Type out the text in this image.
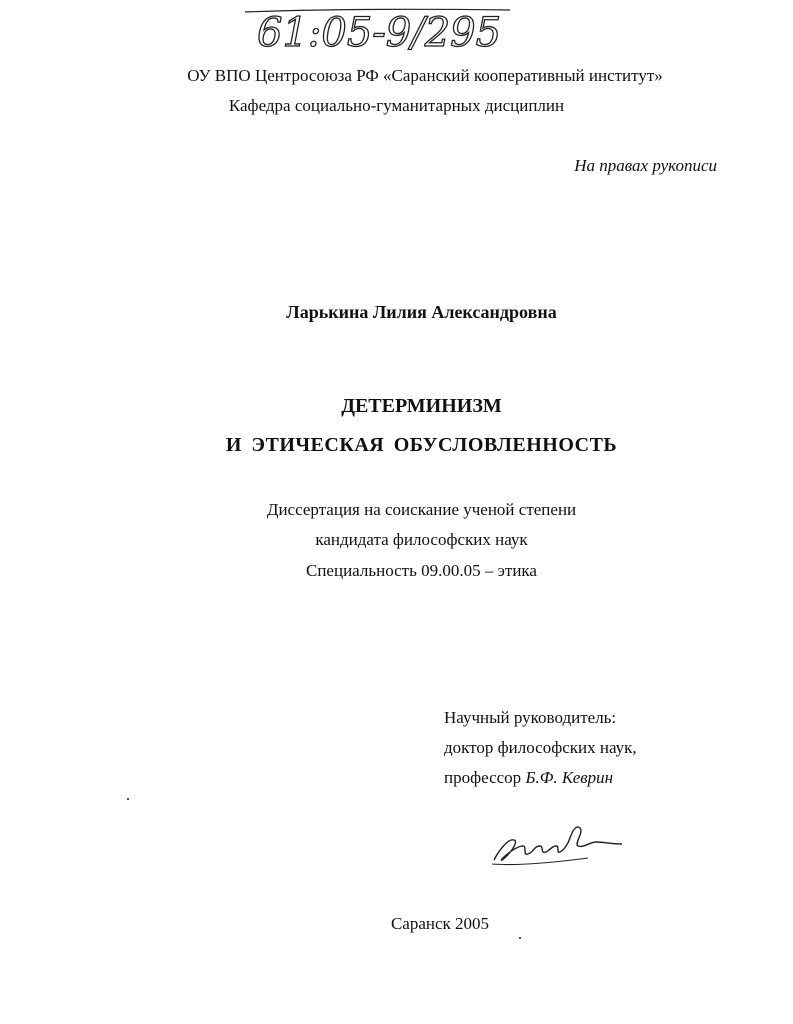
61:05-9/295
ОУ ВПО Центросоюза РФ «Саранский кооперативный институт»
Кафедра социально-гуманитарных дисциплин
На правах рукописи
Ларькина Лилия Александровна
ДЕТЕРМИНИЗМ
И ЭТИЧЕСКАЯ ОБУСЛОВЛЕННОСТЬ
Диссертация на соискание ученой степени
кандидата философских наук
Специальность 09.00.05 – этика
Научный руководитель:
доктор философских наук,
профессор Б.Ф. Кеврин
Саранск 2005
